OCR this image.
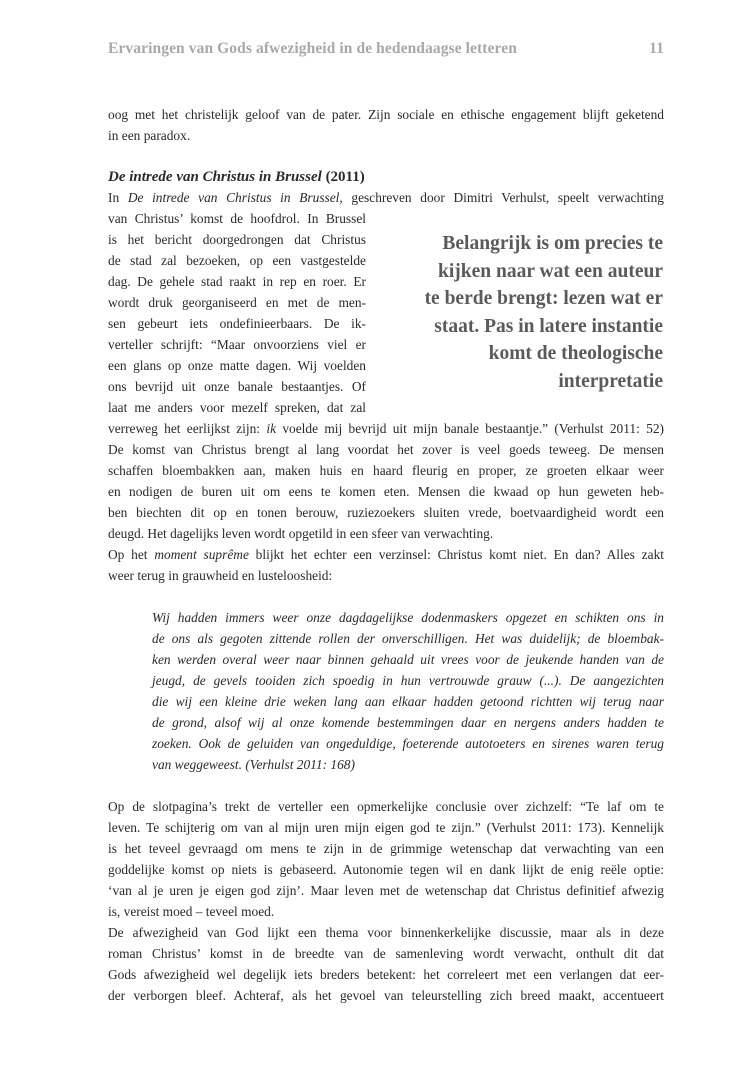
Ervaringen van Gods afwezigheid in de hedendaagse letteren	11
oog met het christelijk geloof van de pater. Zijn sociale en ethische engagement blijft geketend
in een paradox.
De intrede van Christus in Brussel (2011)
In De intrede van Christus in Brussel, geschreven door Dimitri Verhulst, speelt verwachting
van Christus’ komst de hoofdrol. In Brussel
is het bericht doorgedrongen dat Christus
de stad zal bezoeken, op een vastgestelde
dag. De gehele stad raakt in rep en roer. Er
wordt druk georganiseerd en met de men-
sen gebeurt iets ondefinieerbaars. De ik-
verteller schrijft: “Maar onvoorziens viel er
een glans op onze matte dagen. Wij voelden
ons bevrijd uit onze banale bestaantjes. Of
laat me anders voor mezelf spreken, dat zal
Belangrijk is om precies te
kijken naar wat een auteur
te berde brengt: lezen wat er
staat. Pas in latere instantie
komt de theologische
interpretatie
verreweg het eerlijkst zijn: ik voelde mij bevrijd uit mijn banale bestaantje.” (Verhulst 2011: 52)
De komst van Christus brengt al lang voordat het zover is veel goeds teweeg. De mensen
schaffen bloembakken aan, maken huis en haard fleurig en proper, ze groeten elkaar weer
en nodigen de buren uit om eens te komen eten. Mensen die kwaad op hun geweten heb-
ben biechten dit op en tonen berouw, ruziezoekers sluiten vrede, boetvaardigheid wordt een
deugd. Het dagelijks leven wordt opgetild in een sfeer van verwachting.
Op het moment suprême blijkt het echter een verzinsel: Christus komt niet. En dan? Alles zakt
weer terug in grauwheid en lusteloosheid:
Wij hadden immers weer onze dagdagelijkse dodenmaskers opgezet en schikten ons in
de ons als gegoten zittende rollen der onverschilligen. Het was duidelijk; de bloembak-
ken werden overal weer naar binnen gehaald uit vrees voor de jeukende handen van de
jeugd, de gevels tooiden zich spoedig in hun vertrouwde grauw (...). De aangezichten
die wij een kleine drie weken lang aan elkaar hadden getoond richtten wij terug naar
de grond, alsof wij al onze komende bestemmingen daar en nergens anders hadden te
zoeken. Ook de geluiden van ongeduldige, foeterende autotoeters en sirenes waren terug
van weggeweest. (Verhulst 2011: 168)
Op de slotpagina’s trekt de verteller een opmerkelijke conclusie over zichzelf: “Te laf om te
leven. Te schijterig om van al mijn uren mijn eigen god te zijn.” (Verhulst 2011: 173). Kennelijk
is het teveel gevraagd om mens te zijn in de grimmige wetenschap dat verwachting van een
goddelijke komst op niets is gebaseerd. Autonomie tegen wil en dank lijkt de enig reële optie:
‘van al je uren je eigen god zijn’. Maar leven met de wetenschap dat Christus definitief afwezig
is, vereist moed – teveel moed.
De afwezigheid van God lijkt een thema voor binnenkerkelijke discussie, maar als in deze
roman Christus’ komst in de breedte van de samenleving wordt verwacht, onthult dit dat
Gods afwezigheid wel degelijk iets breders betekent: het correleert met een verlangen dat eer-
der verborgen bleef. Achteraf, als het gevoel van teleurstelling zich breed maakt, accentueert
